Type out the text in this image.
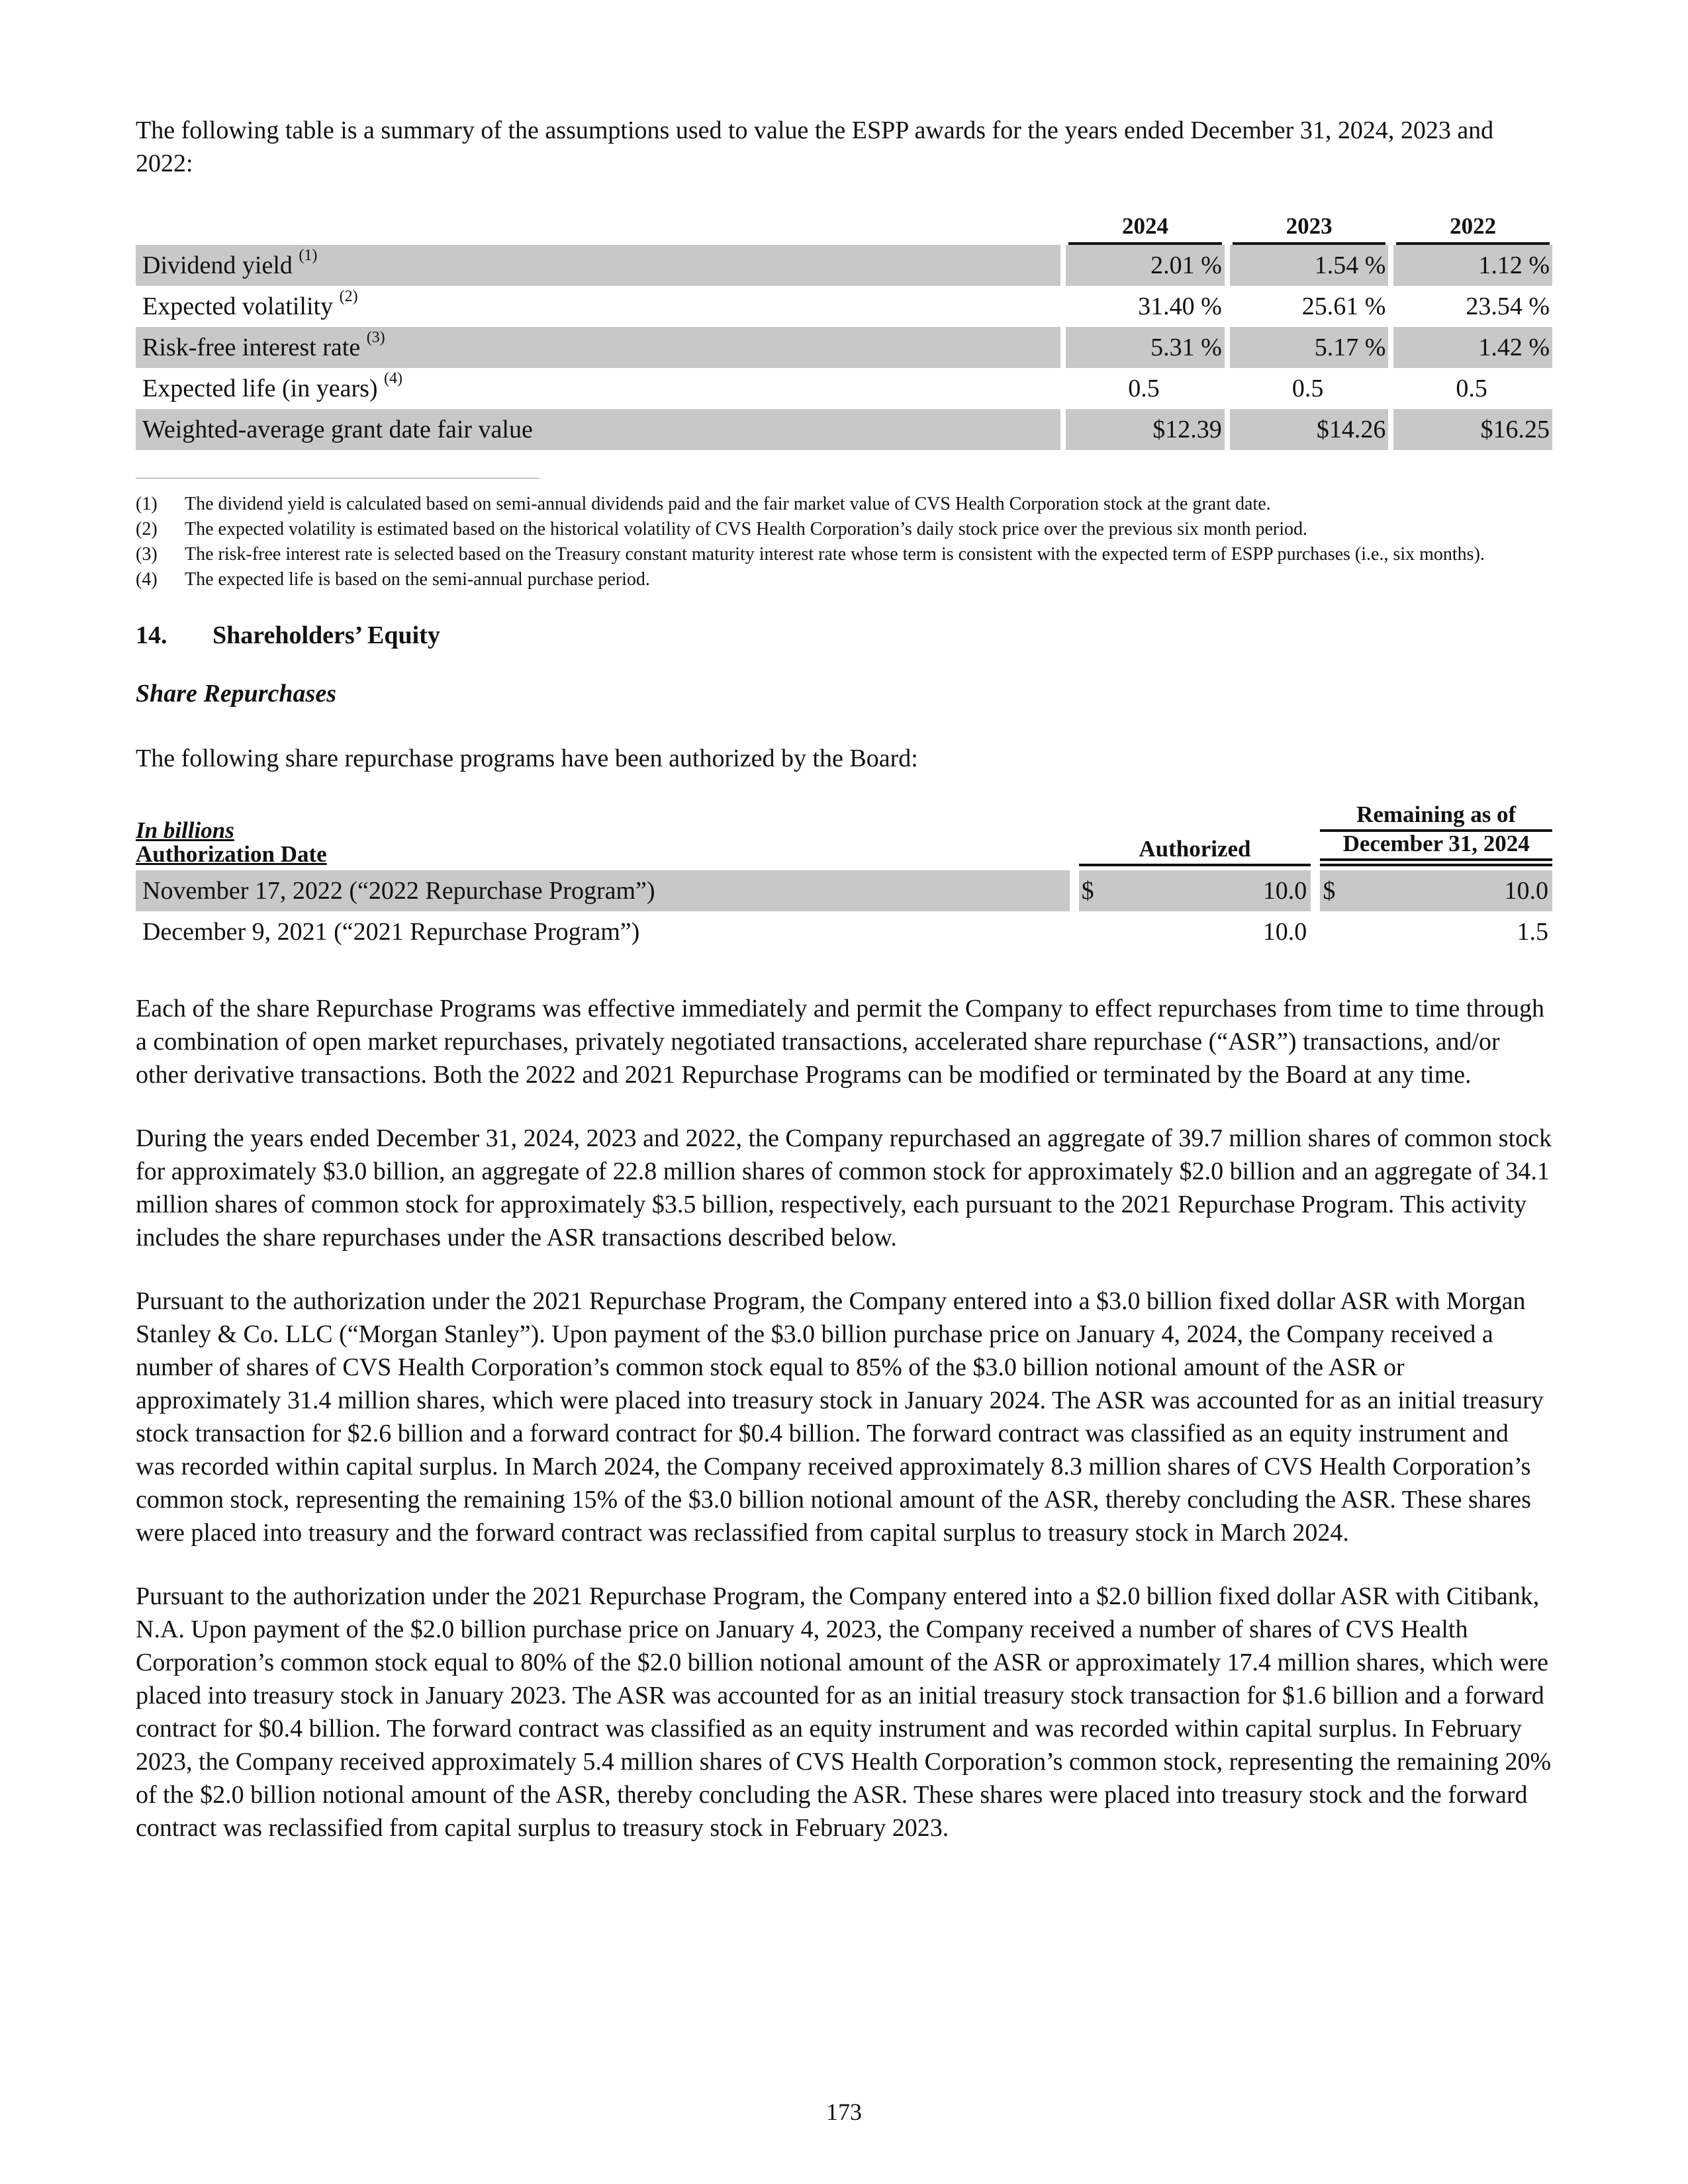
The following table is a summary of the assumptions used to value the ESPP awards for the years ended December 31, 2024, 2023 and 2022:

		2024		2023		2022

Dividend yield $^{(1)}$		2.01 %		1.54 %		1.12 %
Expected volatility $^{(2)}$		31.40 %		25.61 %		23.54 %
Risk-free interest rate $^{(3)}$		5.31 %		5.17 %		1.42 %
Expected life (in years) $^{(4)}$		0.5		0.5		0.5
Weighted-average grant date fair value		$12.39		$14.26		$16.25
(1)	The dividend yield is calculated based on semi-annual dividends paid and the fair market value of CVS Health Corporation stock at the grant date.
(2)	The expected volatility is estimated based on the historical volatility of CVS Health Corporation’s daily stock price over the previous six month period.
(3)	The risk-free interest rate is selected based on the Treasury constant maturity interest rate whose term is consistent with the expected term of ESPP purchases (i.e., six months).
(4)	The expected life is based on the semi-annual purchase period.
14. Shareholders’ Equity
Share Repurchases

The following share repurchase programs have been authorized by the Board:

In billions
Authorization Date		Authorized		Remaining as of
December 31, 2024

November 17, 2022 (“2022 Repurchase Program”)		$ 10.0		$ 10.0
December 9, 2021 (“2021 Repurchase Program”)		10.0		1.5

Each of the share Repurchase Programs was effective immediately and permit the Company to effect repurchases from time to time through a combination of open market repurchases, privately negotiated transactions, accelerated share repurchase (“ASR”) transactions, and/or other derivative transactions. Both the 2022 and 2021 Repurchase Programs can be modified or terminated by the Board at any time.

During the years ended December 31, 2024, 2023 and 2022, the Company repurchased an aggregate of 39.7 million shares of common stock for approximately $3.0 billion, an aggregate of 22.8 million shares of common stock for approximately $2.0 billion and an aggregate of 34.1 million shares of common stock for approximately $3.5 billion, respectively, each pursuant to the 2021 Repurchase Program. This activity includes the share repurchases under the ASR transactions described below.

Pursuant to the authorization under the 2021 Repurchase Program, the Company entered into a $3.0 billion fixed dollar ASR with Morgan Stanley & Co. LLC (“Morgan Stanley”). Upon payment of the $3.0 billion purchase price on January 4, 2024, the Company received a number of shares of CVS Health Corporation’s common stock equal to 85% of the $3.0 billion notional amount of the ASR or approximately 31.4 million shares, which were placed into treasury stock in January 2024. The ASR was accounted for as an initial treasury stock transaction for $2.6 billion and a forward contract for $0.4 billion. The forward contract was classified as an equity instrument and was recorded within capital surplus. In March 2024, the Company received approximately 8.3 million shares of CVS Health Corporation’s common stock, representing the remaining 15% of the $3.0 billion notional amount of the ASR, thereby concluding the ASR. These shares were placed into treasury and the forward contract was reclassified from capital surplus to treasury stock in March 2024.

Pursuant to the authorization under the 2021 Repurchase Program, the Company entered into a $2.0 billion fixed dollar ASR with Citibank, N.A. Upon payment of the $2.0 billion purchase price on January 4, 2023, the Company received a number of shares of CVS Health Corporation’s common stock equal to 80% of the $2.0 billion notional amount of the ASR or approximately 17.4 million shares, which were placed into treasury stock in January 2023. The ASR was accounted for as an initial treasury stock transaction for $1.6 billion and a forward contract for $0.4 billion. The forward contract was classified as an equity instrument and was recorded within capital surplus. In February 2023, the Company received approximately 5.4 million shares of CVS Health Corporation’s common stock, representing the remaining 20% of the $2.0 billion notional amount of the ASR, thereby concluding the ASR. These shares were placed into treasury stock and the forward contract was reclassified from capital surplus to treasury stock in February 2023.

173
